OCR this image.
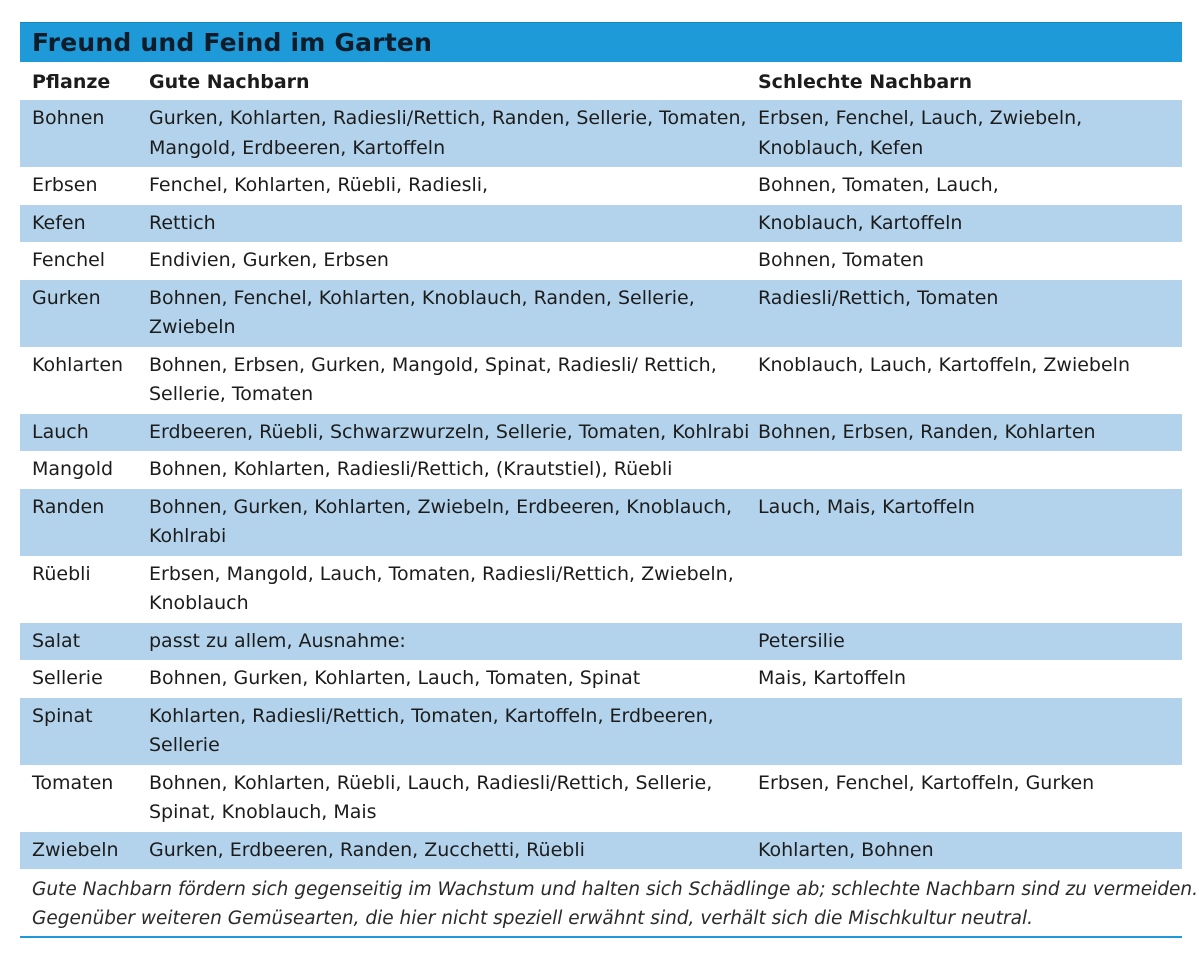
Freund und Feind im Garten
Pflanze	Gute Nachbarn	Schlechte Nachbarn
Bohnen	Gurken, Kohlarten, Radiesli/Rettich, Randen, Sellerie, Tomaten, Mangold, Erdbeeren, Kartoffeln	Erbsen, Fenchel, Lauch, Zwiebeln, Knoblauch, Kefen
Erbsen	Fenchel, Kohlarten, Rüebli, Radiesli,	Bohnen, Tomaten, Lauch,
Kefen	Rettich	Knoblauch, Kartoffeln
Fenchel	Endivien, Gurken, Erbsen	Bohnen, Tomaten
Gurken	Bohnen, Fenchel, Kohlarten, Knoblauch, Randen, Sellerie, Zwiebeln	Radiesli/Rettich, Tomaten
Kohlarten	Bohnen, Erbsen, Gurken, Mangold, Spinat, Radiesli/ Rettich, Sellerie, Tomaten	Knoblauch, Lauch, Kartoffeln, Zwiebeln
Lauch	Erdbeeren, Rüebli, Schwarzwurzeln, Sellerie, Tomaten, Kohlrabi	Bohnen, Erbsen, Randen, Kohlarten
Mangold	Bohnen, Kohlarten, Radiesli/Rettich, (Krautstiel), Rüebli	
Randen	Bohnen, Gurken, Kohlarten, Zwiebeln, Erdbeeren, Knoblauch, Kohlrabi	Lauch, Mais, Kartoffeln
Rüebli	Erbsen, Mangold, Lauch, Tomaten, Radiesli/Rettich, Zwiebeln, Knoblauch	
Salat	passt zu allem, Ausnahme:	Petersilie
Sellerie	Bohnen, Gurken, Kohlarten, Lauch, Tomaten, Spinat	Mais, Kartoffeln
Spinat	Kohlarten, Radiesli/Rettich, Tomaten, Kartoffeln, Erdbeeren, Sellerie	
Tomaten	Bohnen, Kohlarten, Rüebli, Lauch, Radiesli/Rettich, Sellerie, Spinat, Knoblauch, Mais	Erbsen, Fenchel, Kartoffeln, Gurken
Zwiebeln	Gurken, Erdbeeren, Randen, Zucchetti, Rüebli	Kohlarten, Bohnen
Gute Nachbarn fördern sich gegenseitig im Wachstum und halten sich Schädlinge ab; schlechte Nachbarn sind zu vermeiden.
Gegenüber weiteren Gemüsearten, die hier nicht speziell erwähnt sind, verhält sich die Mischkultur neutral.
